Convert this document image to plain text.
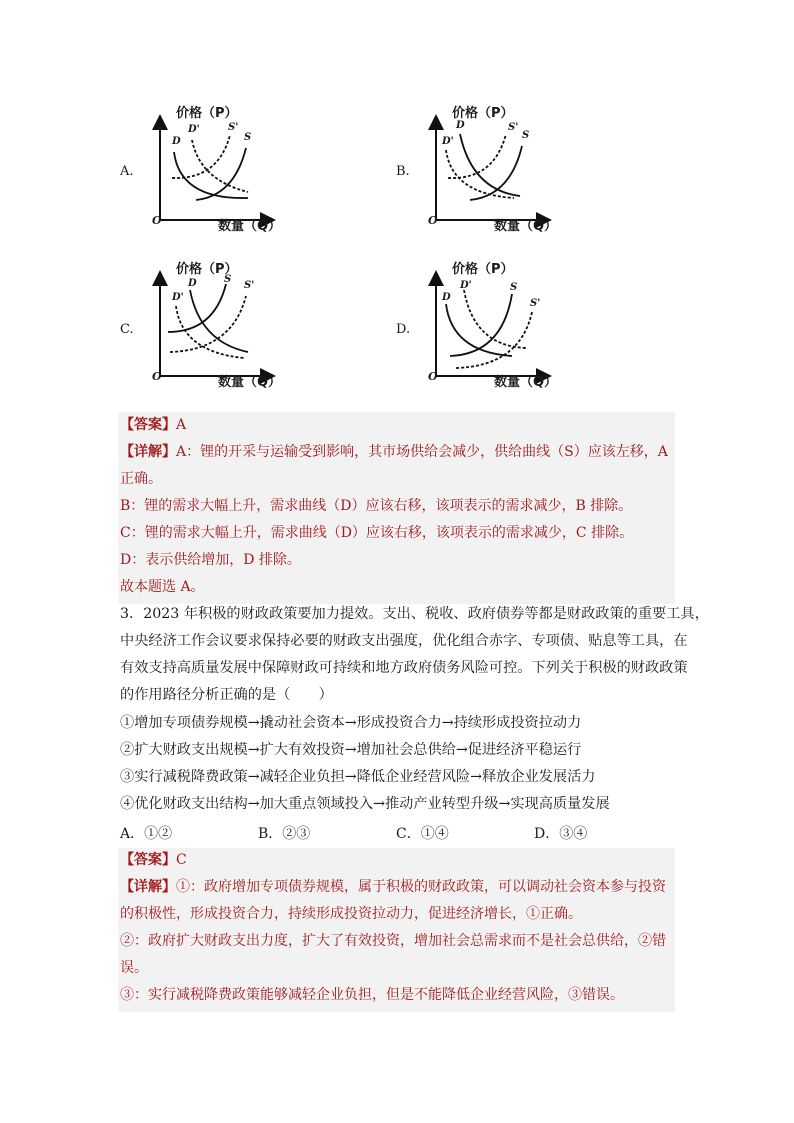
价格（P）
D
D'	S'
S
O	数量（Q）
A.
价格（P）
D
D'
S'
S
O	数量（Q）
B.
价格（P）
D
D'
S
S'
O	数量（Q）
C.
价格（P）
D
D'	S
S'
O	数量（Q）
D.
【答案】A
【详解】A：锂的开采与运输受到影响，其市场供给会减少，供给曲线（S）应该左移，A
正确。
B：锂的需求大幅上升，需求曲线（D）应该右移，该项表示的需求减少，B 排除。
C：锂的需求大幅上升，需求曲线（D）应该右移，该项表示的需求减少，C 排除。
D：表示供给增加，D 排除。
故本题选 A。
3．2023 年积极的财政政策要加力提效。支出、税收、政府债券等都是财政政策的重要工具，
中央经济工作会议要求保持必要的财政支出强度，优化组合赤字、专项债、贴息等工具，在
有效支持高质量发展中保障财政可持续和地方政府债务风险可控。下列关于积极的财政政策
的作用路径分析正确的是（　　）
①增加专项债券规模→撬动社会资本→形成投资合力→持续形成投资拉动力
②扩大财政支出规模→扩大有效投资→增加社会总供给→促进经济平稳运行
③实行减税降费政策→减轻企业负担→降低企业经营风险→释放企业发展活力
④优化财政支出结构→加大重点领域投入→推动产业转型升级→实现高质量发展
A．①②	B．②③	C．①④	D．③④
【答案】C
【详解】①：政府增加专项债券规模，属于积极的财政政策，可以调动社会资本参与投资
的积极性，形成投资合力，持续形成投资拉动力，促进经济增长，①正确。
②：政府扩大财政支出力度，扩大了有效投资，增加社会总需求而不是社会总供给，②错
误。
③：实行减税降费政策能够减轻企业负担，但是不能降低企业经营风险，③错误。
